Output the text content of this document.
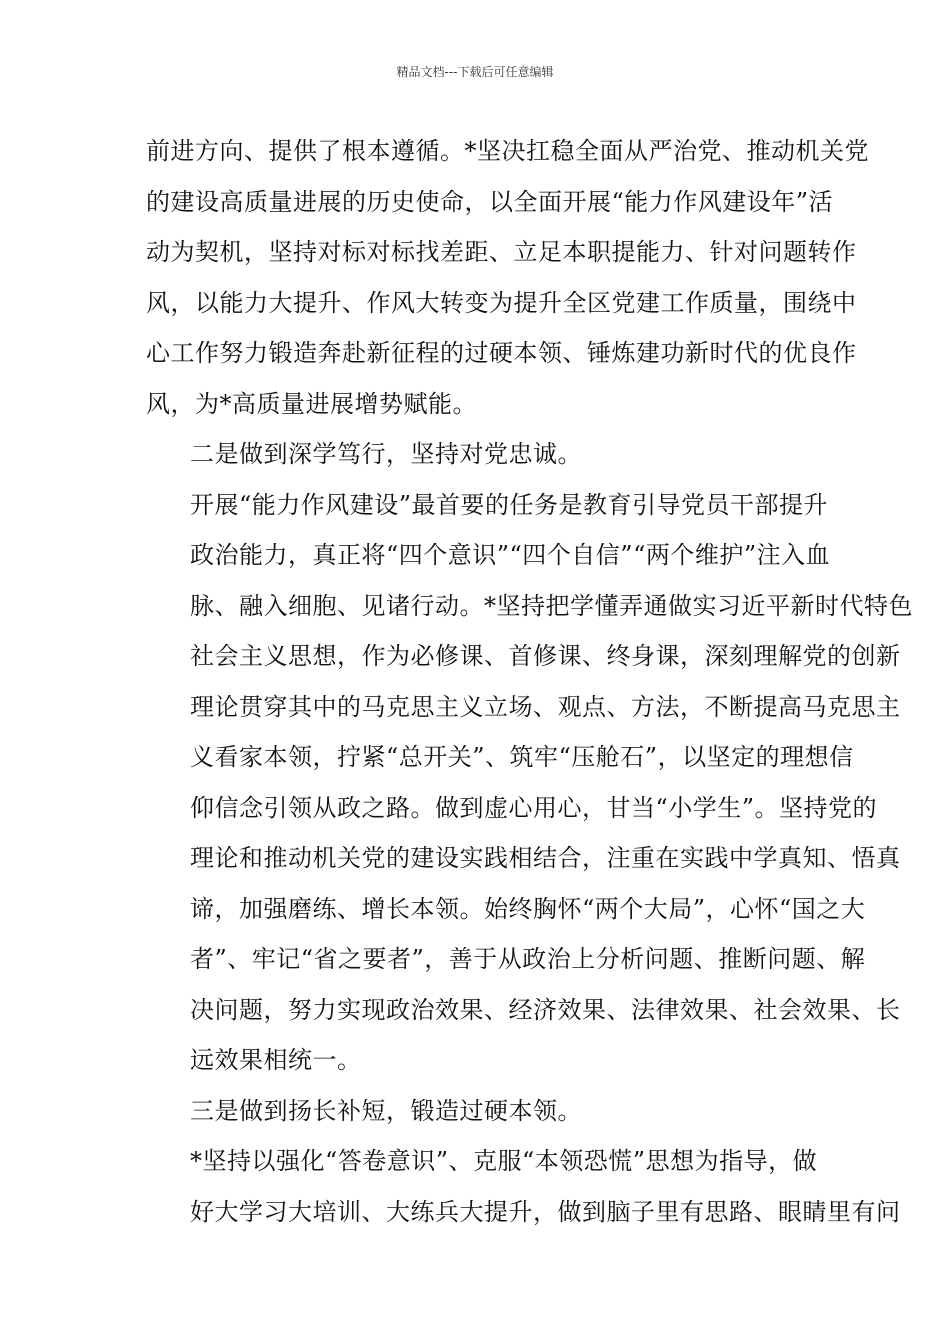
精品文档---下载后可任意编辑
前进方向、提供了根本遵循。*坚决扛稳全面从严治党、推动机关党
的建设高质量进展的历史使命，以全面开展“能力作风建设年”活
动为契机，坚持对标对标找差距、立足本职提能力、针对问题转作
风，以能力大提升、作风大转变为提升全区党建工作质量，围绕中
心工作努力锻造奔赴新征程的过硬本领、锤炼建功新时代的优良作
风，为*高质量进展增势赋能。
二是做到深学笃行，坚持对党忠诚。
开展“能力作风建设”最首要的任务是教育引导党员干部提升
政治能力，真正将“四个意识”“四个自信”“两个维护”注入血
脉、融入细胞、见诸行动。*坚持把学懂弄通做实习近平新时代特色
社会主义思想，作为必修课、首修课、终身课，深刻理解党的创新
理论贯穿其中的马克思主义立场、观点、方法，不断提高马克思主
义看家本领，拧紧“总开关”、筑牢“压舱石”，以坚定的理想信
仰信念引领从政之路。做到虚心用心，甘当“小学生”。坚持党的
理论和推动机关党的建设实践相结合，注重在实践中学真知、悟真
谛，加强磨练、增长本领。始终胸怀“两个大局”，心怀“国之大
者”、牢记“省之要者”，善于从政治上分析问题、推断问题、解
决问题，努力实现政治效果、经济效果、法律效果、社会效果、长
远效果相统一。
三是做到扬长补短，锻造过硬本领。
*坚持以强化“答卷意识”、克服“本领恐慌”思想为指导，做
好大学习大培训、大练兵大提升，做到脑子里有思路、眼睛里有问
